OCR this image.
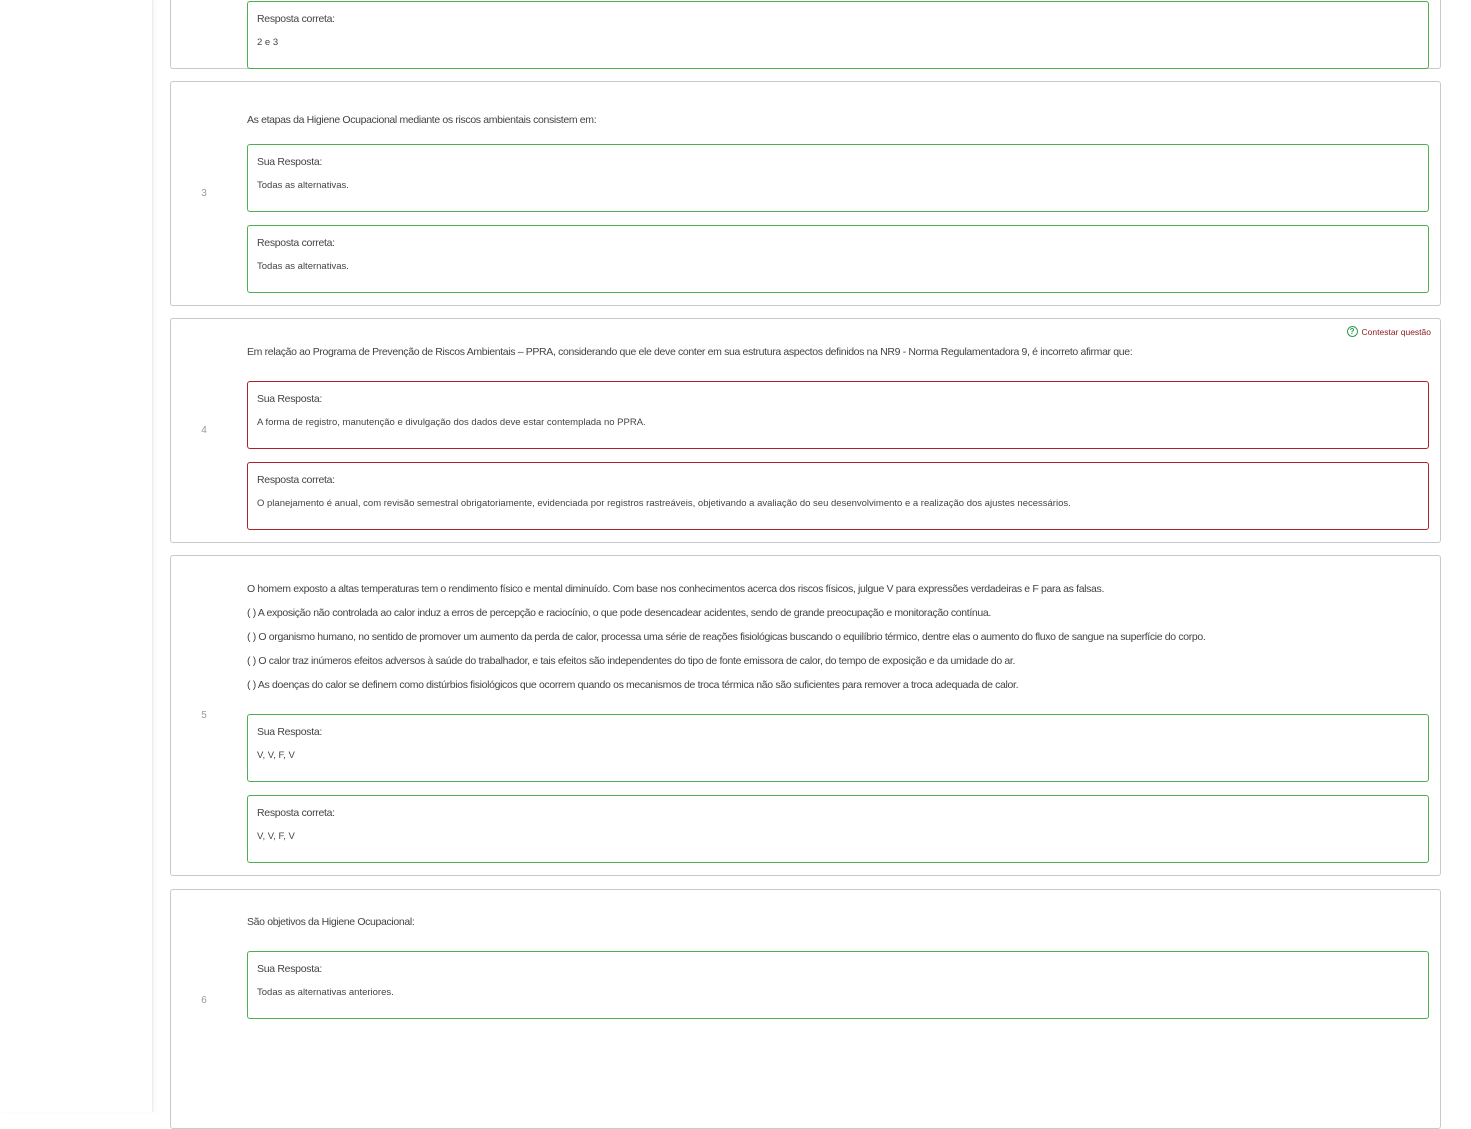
Resposta correta:
2 e 3
3
As etapas da Higiene Ocupacional mediante os riscos ambientais consistem em:
Sua Resposta:
Todas as alternativas.
Resposta correta:
Todas as alternativas.
? Contestar questão
4
Em relação ao Programa de Prevenção de Riscos Ambientais – PPRA, considerando que ele deve conter em sua estrutura aspectos definidos na NR9 - Norma Regulamentadora 9, é incorreto afirmar que:
Sua Resposta:
A forma de registro, manutenção e divulgação dos dados deve estar contemplada no PPRA.
Resposta correta:
O planejamento é anual, com revisão semestral obrigatoriamente, evidenciada por registros rastreáveis, objetivando a avaliação do seu desenvolvimento e a realização dos ajustes necessários.
5
O homem exposto a altas temperaturas tem o rendimento físico e mental diminuído. Com base nos conhecimentos acerca dos riscos físicos, julgue V para expressões verdadeiras e F para as falsas.
( ) A exposição não controlada ao calor induz a erros de percepção e raciocínio, o que pode desencadear acidentes, sendo de grande preocupação e monitoração contínua.
( ) O organismo humano, no sentido de promover um aumento da perda de calor, processa uma série de reações fisiológicas buscando o equilíbrio térmico, dentre elas o aumento do fluxo de sangue na superfície do corpo.
( ) O calor traz inúmeros efeitos adversos à saúde do trabalhador, e tais efeitos são independentes do tipo de fonte emissora de calor, do tempo de exposição e da umidade do ar.
( ) As doenças do calor se definem como distúrbios fisiológicos que ocorrem quando os mecanismos de troca térmica não são suficientes para remover a troca adequada de calor.
Sua Resposta:
V, V, F, V
Resposta correta:
V, V, F, V
6
São objetivos da Higiene Ocupacional:
Sua Resposta:
Todas as alternativas anteriores.
